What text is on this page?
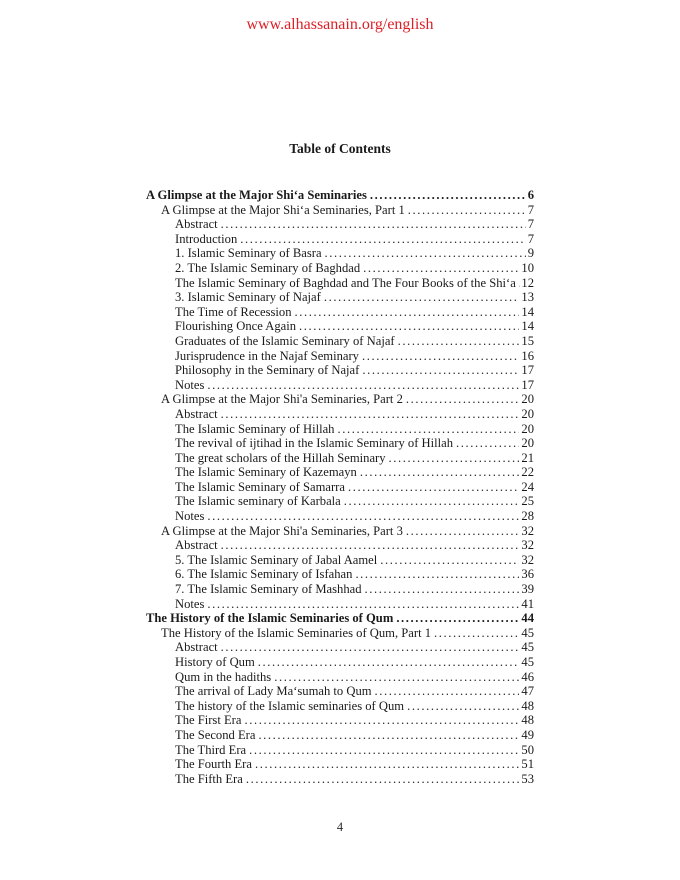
www.alhassanain.org/english
Table of Contents
A Glimpse at the Major Shi‘a Seminaries .....	6
A Glimpse at the Major Shi‘a Seminaries, Part 1 .....	7
Abstract .....	7
Introduction .....	7
1. Islamic Seminary of Basra .....	9
2. The Islamic Seminary of Baghdad .....	10
The Islamic Seminary of Baghdad and The Four Books of the Shi‘a ..... 12
3. Islamic Seminary of Najaf .....	13
The Time of Recession .....	14
Flourishing Once Again .....	14
Graduates of the Islamic Seminary of Najaf .....	15
Jurisprudence in the Najaf Seminary .....	16
Philosophy in the Seminary of Najaf .....	17
Notes .....	17
A Glimpse at the Major Shi'a Seminaries, Part 2 .....	20
Abstract .....	20
The Islamic Seminary of Hillah .....	20
The revival of ijtihad in the Islamic Seminary of Hillah .....	20
The great scholars of the Hillah Seminary .....	21
The Islamic Seminary of Kazemayn .....	22
The Islamic Seminary of Samarra .....	24
The Islamic seminary of Karbala .....	25
Notes .....	28
A Glimpse at the Major Shi'a Seminaries, Part 3 .....	32
Abstract .....	32
5. The Islamic Seminary of Jabal Aamel .....	32
6. The Islamic Seminary of Isfahan .....	36
7. The Islamic Seminary of Mashhad .....	39
Notes .....	41
The History of the Islamic Seminaries of Qum .....	44
The History of the Islamic Seminaries of Qum, Part 1 .....	45
Abstract .....	45
History of Qum .....	45
Qum in the hadiths .....	46
The arrival of Lady Ma‘sumah to Qum .....	47
The history of the Islamic seminaries of Qum .....	48
The First Era .....	48
The Second Era .....	49
The Third Era .....	50
The Fourth Era .....	51
The Fifth Era .....	53
4
